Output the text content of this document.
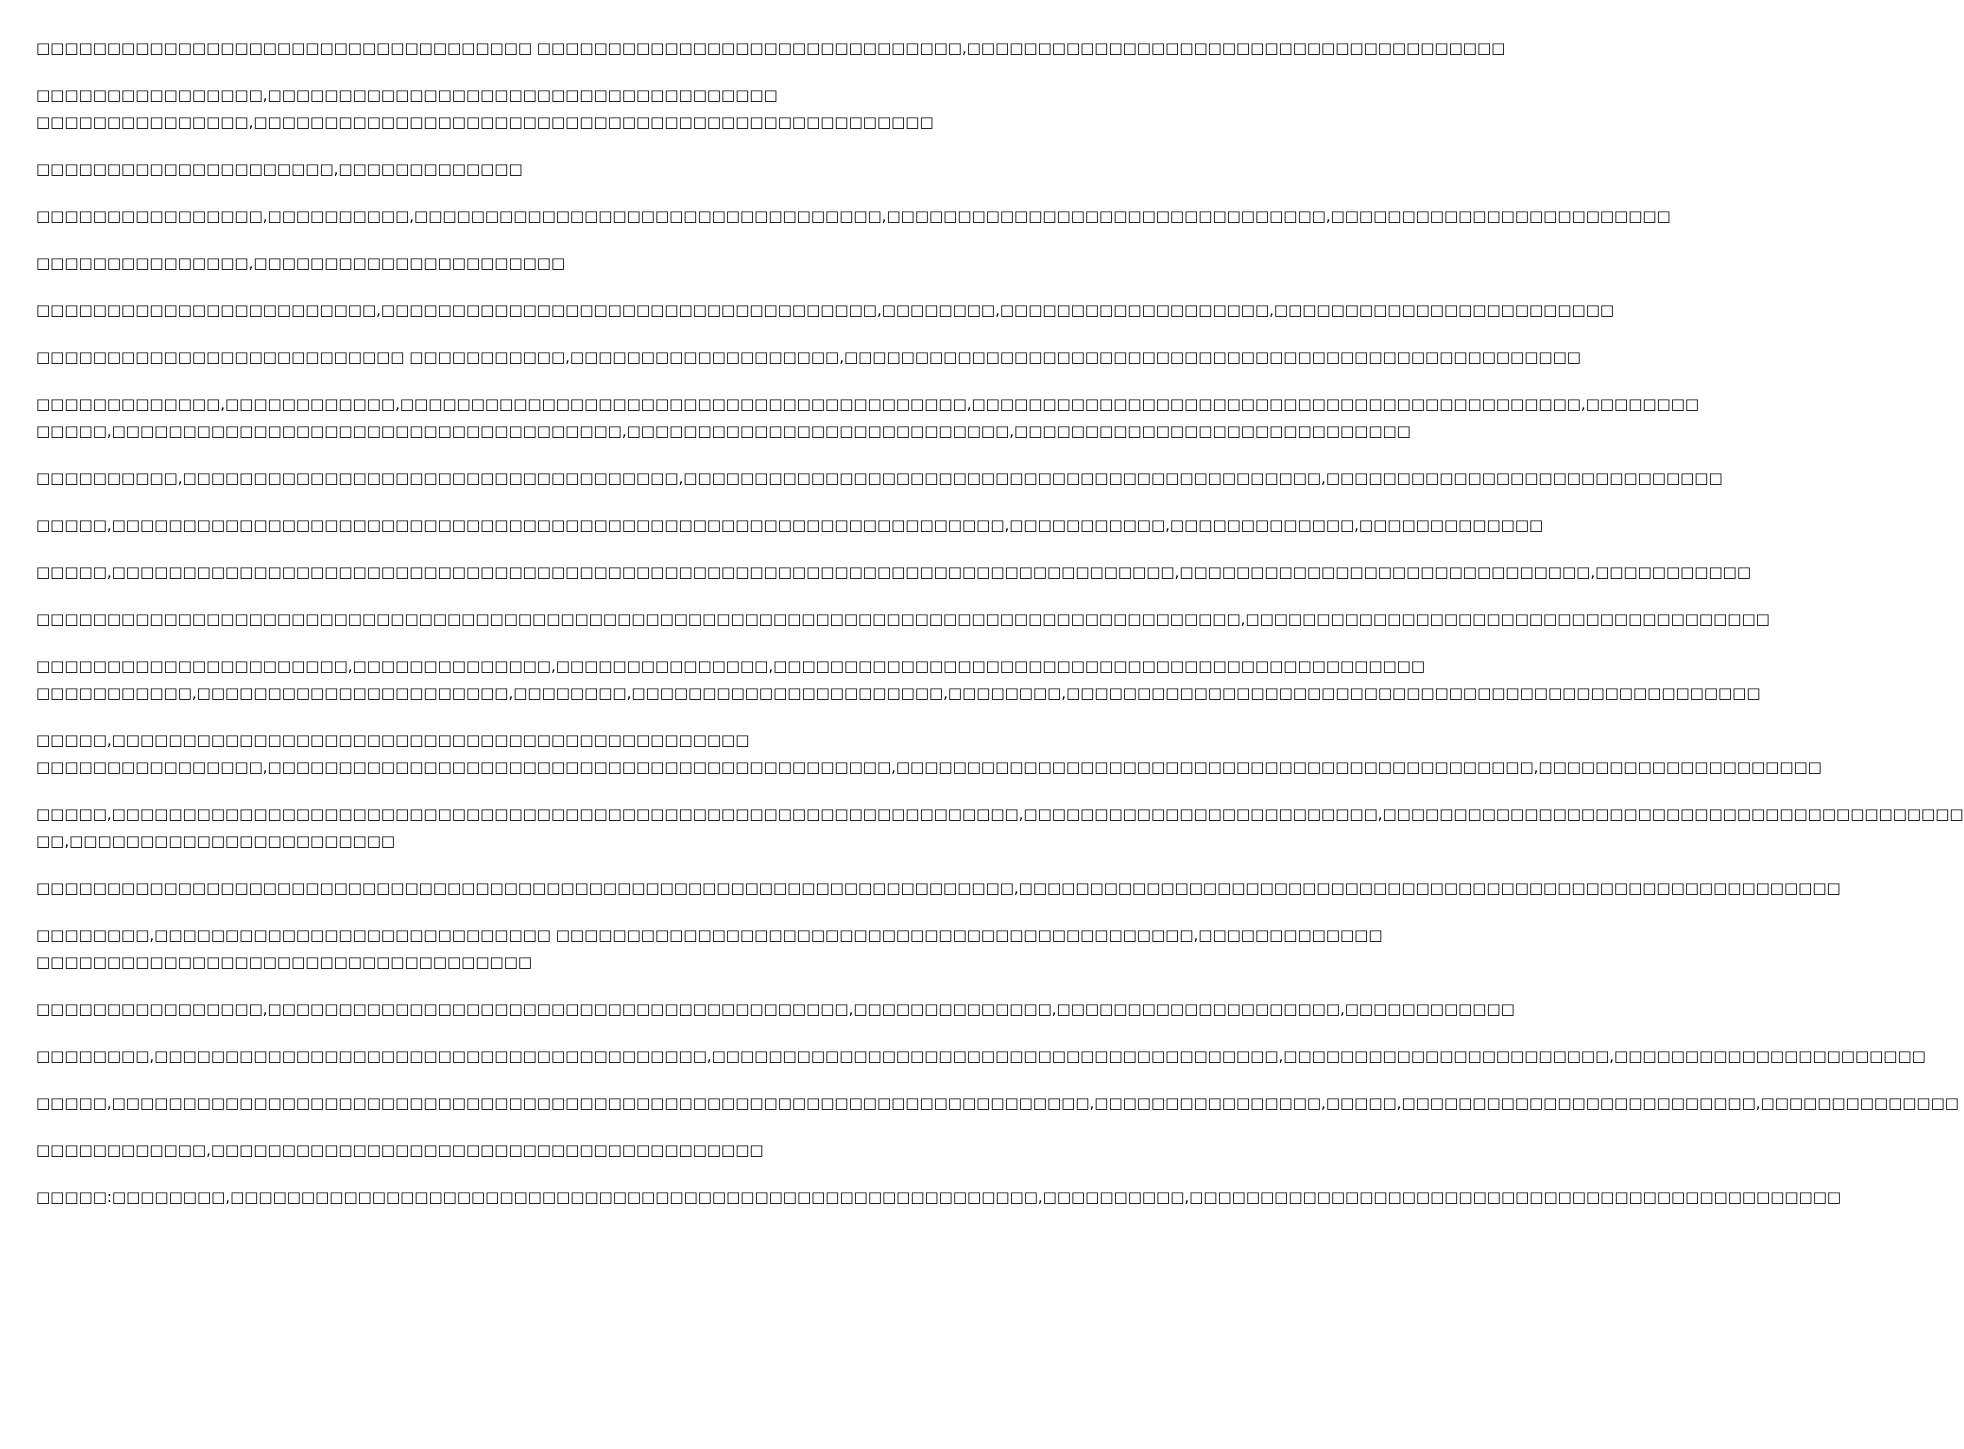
□□□□□□□□□□□□□□□□□□□□□□□□□□□□□□□□□□□ □□□□□□□□□□□□□□□□□□□□□□□□□□□□□□,□□□□□□□□□□□□□□□□□□□□□□□□□□□□□□□□□□□□□□
□□□□□□□□□□□□□□□□,□□□□□□□□□□□□□□□□□□□□□□□□□□□□□□□□□□□□
□□□□□□□□□□□□□□□,□□□□□□□□□□□□□□□□□□□□□□□□□□□□□□□□□□□□□□□□□□□□□□□□
□□□□□□□□□□□□□□□□□□□□□,□□□□□□□□□□□□□
□□□□□□□□□□□□□□□□,□□□□□□□□□□,□□□□□□□□□□□□□□□□□□□□□□□□□□□□□□□□□,□□□□□□□□□□□□□□□□□□□□□□□□□□□□□□□,□□□□□□□□□□□□□□□□□□□□□□□□
□□□□□□□□□□□□□□□,□□□□□□□□□□□□□□□□□□□□□□
□□□□□□□□□□□□□□□□□□□□□□□□,□□□□□□□□□□□□□□□□□□□□□□□□□□□□□□□□□□□,□□□□□□□□,□□□□□□□□□□□□□□□□□□□,□□□□□□□□□□□□□□□□□□□□□□□□
□□□□□□□□□□□□□□□□□□□□□□□□□□ □□□□□□□□□□□,□□□□□□□□□□□□□□□□□□□,□□□□□□□□□□□□□□□□□□□□□□□□□□□□□□□□□□□□□□□□□□□□□□□□□□□□
□□□□□□□□□□□□□,□□□□□□□□□□□□,□□□□□□□□□□□□□□□□□□□□□□□□□□□□□□□□□□□□□□□□,□□□□□□□□□□□□□□□□□□□□□□□□□□□□□□□□□□□□□□□□□□□,□□□□□□□□
□□□□□,□□□□□□□□□□□□□□□□□□□□□□□□□□□□□□□□□□□□,□□□□□□□□□□□□□□□□□□□□□□□□□□□,□□□□□□□□□□□□□□□□□□□□□□□□□□□□
□□□□□□□□□□,□□□□□□□□□□□□□□□□□□□□□□□□□□□□□□□□□□□,□□□□□□□□□□□□□□□□□□□□□□□□□□□□□□□□□□□□□□□□□□□□□,□□□□□□□□□□□□□□□□□□□□□□□□□□□□
□□□□□,□□□□□□□□□□□□□□□□□□□□□□□□□□□□□□□□□□□□□□□□□□□□□□□□□□□□□□□□□□□□□□□,□□□□□□□□□□□,□□□□□□□□□□□□□,□□□□□□□□□□□□□
□□□□□,□□□□□□□□□□□□□□□□□□□□□□□□□□□□□□□□□□□□□□□□□□□□□□□□□□□□□□□□□□□□□□□□□□□□□□□□□□□,□□□□□□□□□□□□□□□□□□□□□□□□□□□□□,□□□□□□□□□□□
□□□□□□□□□□□□□□□□□□□□□□□□□□□□□□□□□□□□□□□□□□□□□□□□□□□□□□□□□□□□□□□□□□□□□□□□□□□□□□□□□□□□□,□□□□□□□□□□□□□□□□□□□□□□□□□□□□□□□□□□□□□
□□□□□□□□□□□□□□□□□□□□□□,□□□□□□□□□□□□□□,□□□□□□□□□□□□□□□,□□□□□□□□□□□□□□□□□□□□□□□□□□□□□□□□□□□□□□□□□□□□□□
□□□□□□□□□□□,□□□□□□□□□□□□□□□□□□□□□□,□□□□□□□□,□□□□□□□□□□□□□□□□□□□□□□,□□□□□□□□,□□□□□□□□□□□□□□□□□□□□□□□□□□□□□□□□□□□□□□□□□□□□□□□□□
□□□□□,□□□□□□□□□□□□□□□□□□□□□□□□□□□□□□□□□□□□□□□□□□□□□
□□□□□□□□□□□□□□□□,□□□□□□□□□□□□□□□□□□□□□□□□□□□□□□□□□□□□□□□□□□□□,□□□□□□□□□□□□□□□□□□□□□□□□□□□□□□□□□□□□□□□□□□□□□,□□□□□□□□□□□□□□□□□□□□
□□□□□,□□□□□□□□□□□□□□□□□□□□□□□□□□□□□□□□□□□□□□□□□□□□□□□□□□□□□□□□□□□□□□□□,□□□□□□□□□□□□□□□□□□□□□□□□□,□□□□□□□□□□□□□□□□□□□□□□□□□□□□□□□□□□□□□□□□□
□□,□□□□□□□□□□□□□□□□□□□□□□□
□□□□□□□□□□□□□□□□□□□□□□□□□□□□□□□□□□□□□□□□□□□□□□□□□□□□□□□□□□□□□□□□□□□□□,□□□□□□□□□□□□□□□□□□□□□□□□□□□□□□□□□□□□□□□□□□□□□□□□□□□□□□□□□□
□□□□□□□□,□□□□□□□□□□□□□□□□□□□□□□□□□□□□ □□□□□□□□□□□□□□□□□□□□□□□□□□□□□□□□□□□□□□□□□□□□□,□□□□□□□□□□□□□
□□□□□□□□□□□□□□□□□□□□□□□□□□□□□□□□□□□
□□□□□□□□□□□□□□□□,□□□□□□□□□□□□□□□□□□□□□□□□□□□□□□□□□□□□□□□□□,□□□□□□□□□□□□□□,□□□□□□□□□□□□□□□□□□□□,□□□□□□□□□□□□
□□□□□□□□,□□□□□□□□□□□□□□□□□□□□□□□□□□□□□□□□□□□□□□□,□□□□□□□□□□□□□□□□□□□□□□□□□□□□□□□□□□□□□□□□,□□□□□□□□□□□□□□□□□□□□□□□,□□□□□□□□□□□□□□□□□□□□□□
□□□□□,□□□□□□□□□□□□□□□□□□□□□□□□□□□□□□□□□□□□□□□□□□□□□□□□□□□□□□□□□□□□□□□□□□□□□,□□□□□□□□□□□□□□□□,□□□□□,□□□□□□□□□□□□□□□□□□□□□□□□□,□□□□□□□□□□□□□□
□□□□□□□□□□□□,□□□□□□□□□□□□□□□□□□□□□□□□□□□□□□□□□□□□□□□
□□□□□:□□□□□□□□,□□□□□□□□□□□□□□□□□□□□□□□□□□□□□□□□□□□□□□□□□□□□□□□□□□□□□□□□□,□□□□□□□□□□,□□□□□□□□□□□□□□□□□□□□□□□□□□□□□□□□□□□□□□□□□□□□□□
